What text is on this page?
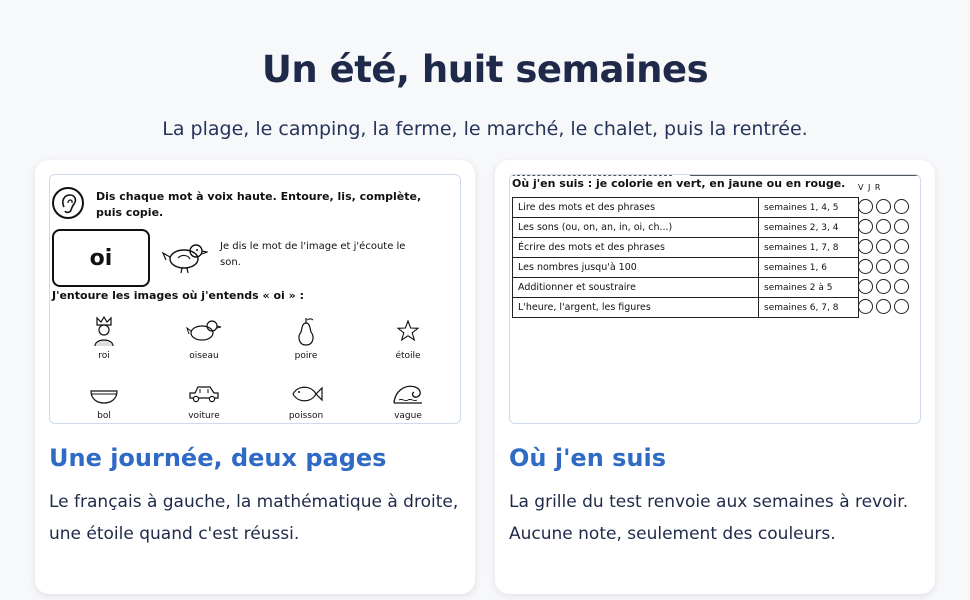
Un été, huit semaines

La plage, le camping, la ferme, le marché, le chalet, puis la rentrée.

Dis chaque mot à voix haute. Entoure, lis, complète, puis copie.
oi	Je dis le mot de l'image et j'écoute le son.
J'entoure les images où j'entends « oi » :
roi	oiseau	poire	étoile
bol	voiture	poisson	vague
Une journée, deux pages

Le français à gauche, la mathématique à droite, une étoile quand c'est réussi.

Où j'en suis : je colorie en vert, en jaune ou en rouge. V J R
Lire des mots et des phrases	semaines 1, 4, 5
Les sons (ou, on, an, in, oi, ch...)	semaines 2, 3, 4
Écrire des mots et des phrases	semaines 1, 7, 8
Les nombres jusqu'à 100	semaines 1, 6
Additionner et soustraire	semaines 2 à 5
L'heure, l'argent, les figures	semaines 6, 7, 8
Où j'en suis

La grille du test renvoie aux semaines à revoir. Aucune note, seulement des couleurs.
